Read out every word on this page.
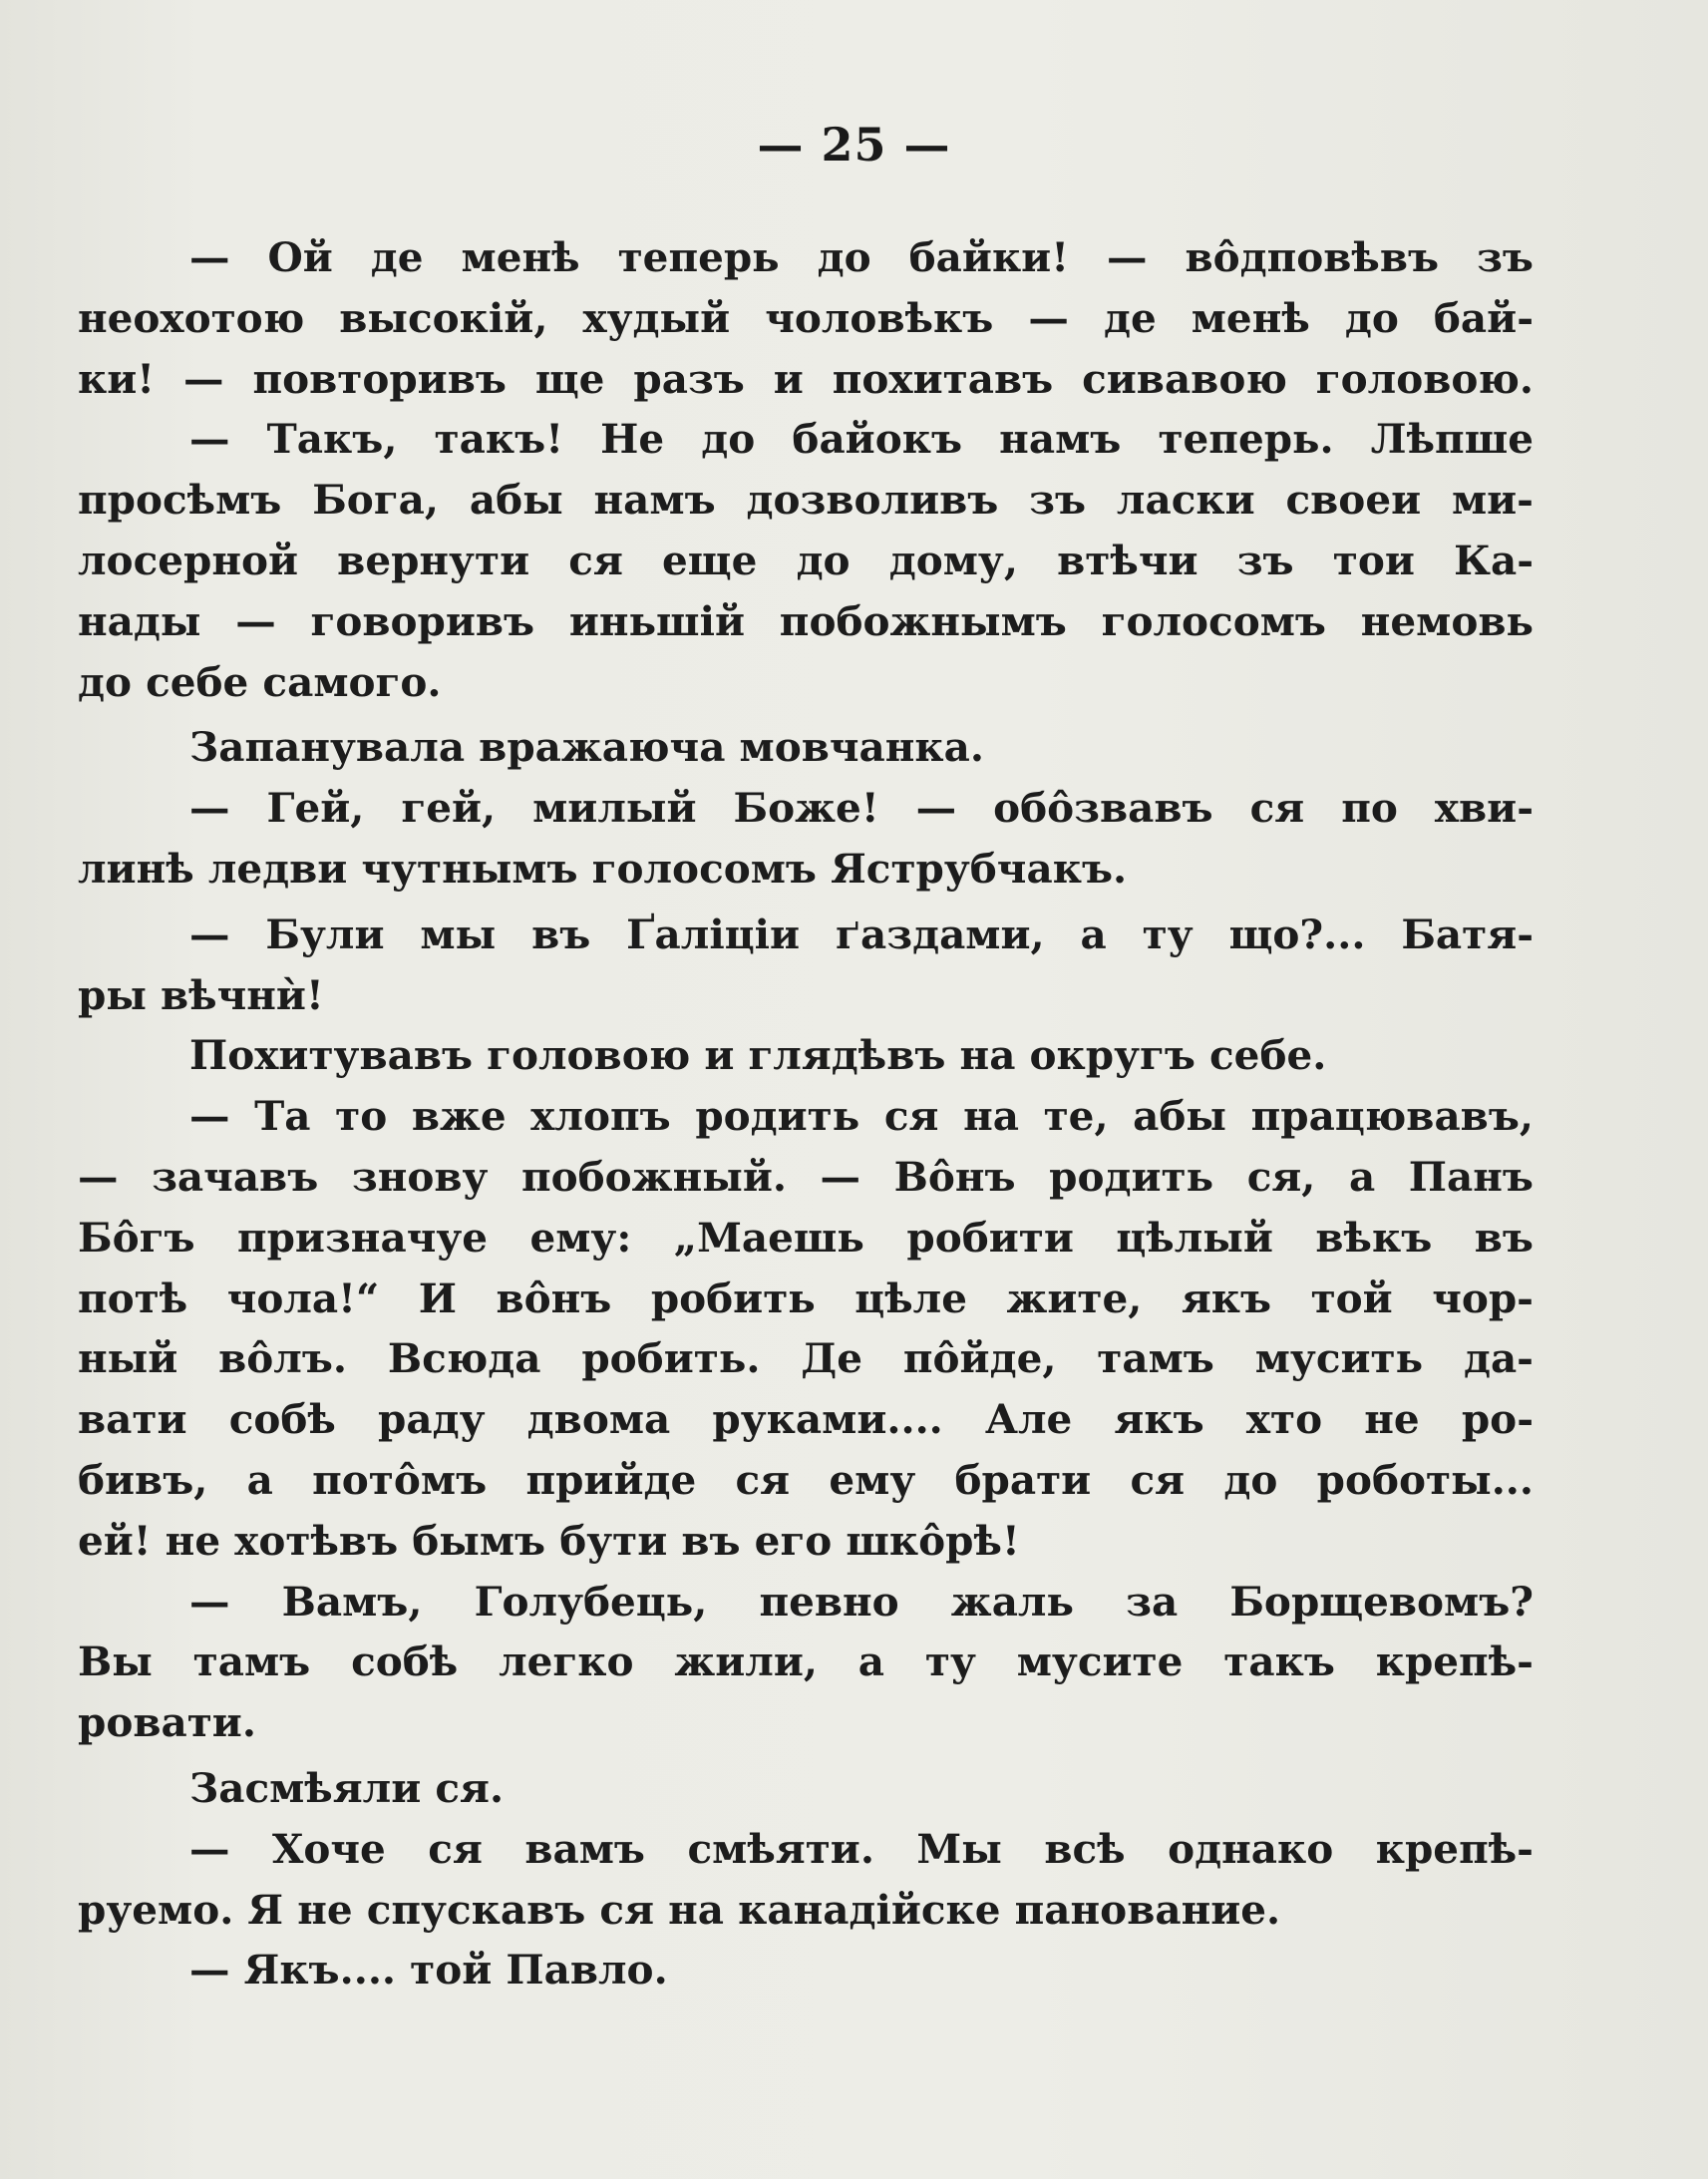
— 25 —
— Ой де менѣ теперь до байки! — вôдповѣвъ зъ
неохотою высокій, худый чоловѣкъ — де менѣ до бай-
ки! — повторивъ ще разъ и похитавъ сивавою головою.
— Такъ, такъ! Не до байокъ намъ теперь. Лѣпше
просѣмъ Бога, абы намъ дозволивъ зъ ласки своеи ми-
лосерной вернути ся еще до дому, втѣчи зъ тои Ка-
нады — говоривъ иньшій побожнымъ голосомъ немовь
до себе самого.
Запанувала вражаюча мовчанка.
— Гей, гей, милый Боже! — обôзвавъ ся по хви-
линѣ ледви чутнымъ голосомъ Яструбчакъ.
— Були мы въ Ґаліціи ґаздами, а ту що?... Батя-
ры вѣчнѝ!
Похитувавъ головою и глядѣвъ на округъ себе.
— Та то вже хлопъ родить ся на те, абы працювавъ,
— зачавъ знову побожный. — Вôнъ родить ся, а Панъ
Бôгъ призначуе ему: „Маешь робити цѣлый вѣкъ въ
потѣ чола!“ И вôнъ робить цѣле жите, якъ той чор-
ный вôлъ. Всюда робить. Де пôйде, тамъ мусить да-
вати собѣ раду двома руками.... Але якъ хто не ро-
бивъ, а потôмъ прийде ся ему брати ся до роботы...
ей! не хотѣвъ бымъ бути въ его шкôрѣ!
— Вамъ, Голубець, певно жаль за Борщевомъ?
Вы тамъ собѣ легко жили, а ту мусите такъ крепѣ-
ровати.
Засмѣяли ся.
— Хоче ся вамъ смѣяти. Мы всѣ однако крепѣ-
руемо. Я не спускавъ ся на канадійске панование.
— Якъ.... той Павло.
